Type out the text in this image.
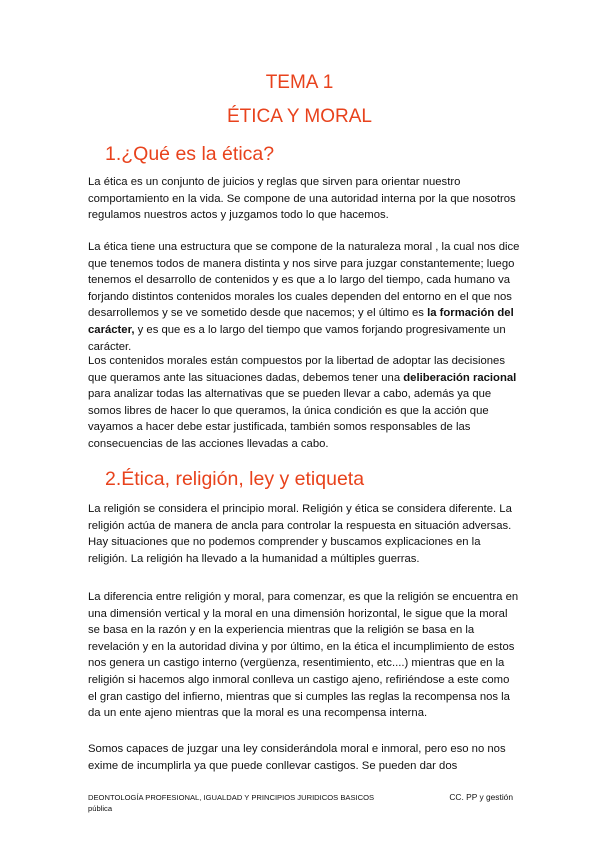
TEMA 1
ÉTICA Y MORAL
1.¿Qué es la ética?

La ética es un conjunto de juicios y reglas que sirven para orientar nuestro comportamiento en la vida. Se compone de una autoridad interna por la que nosotros regulamos nuestros actos y juzgamos todo lo que hacemos.

La ética tiene una estructura que se compone de la naturaleza moral , la cual nos dice que tenemos todos de manera distinta y nos sirve para juzgar constantemente; luego tenemos el desarrollo de contenidos y es que a lo largo del tiempo, cada humano va forjando distintos contenidos morales los cuales dependen del entorno en el que nos desarrollemos y se ve sometido desde que nacemos; y el último es la formación del carácter, y es que es a lo largo del tiempo que vamos forjando progresivamente un carácter.

Los contenidos morales están compuestos por la libertad de adoptar las decisiones que queramos ante las situaciones dadas, debemos tener una deliberación racional para analizar todas las alternativas que se pueden llevar a cabo, además ya que somos libres de hacer lo que queramos, la única condición es que la acción que vayamos a hacer debe estar justificada, también somos responsables de las consecuencias de las acciones llevadas a cabo.

2.Ética, religión, ley y etiqueta

La religión se considera el principio moral. Religión y ética se considera diferente. La religión actúa de manera de ancla para controlar la respuesta en situación adversas. Hay situaciones que no podemos comprender y buscamos explicaciones en la religión. La religión ha llevado a la humanidad a múltiples guerras.

La diferencia entre religión y moral, para comenzar, es que la religión se encuentra en una dimensión vertical y la moral en una dimensión horizontal, le sigue que la moral se basa en la razón y en la experiencia mientras que la religión se basa en la revelación y en la autoridad divina y por último, en la ética el incumplimiento de estos nos genera un castigo interno (vergüenza, resentimiento, etc....) mientras que en la religión si hacemos algo inmoral conlleva un castigo ajeno, refiriéndose a este como el gran castigo del infierno, mientras que si cumples las reglas la recompensa nos la da un ente ajeno mientras que la moral es una recompensa interna.

Somos capaces de juzgar una ley considerándola moral e inmoral, pero eso no nos exime de incumplirla ya que puede conllevar castigos. Se pueden dar dos

DEONTOLOGÍA PROFESIONAL, IGUALDAD Y PRINCIPIOS JURIDICOS BASICOS
pública
CC. PP y gestión
